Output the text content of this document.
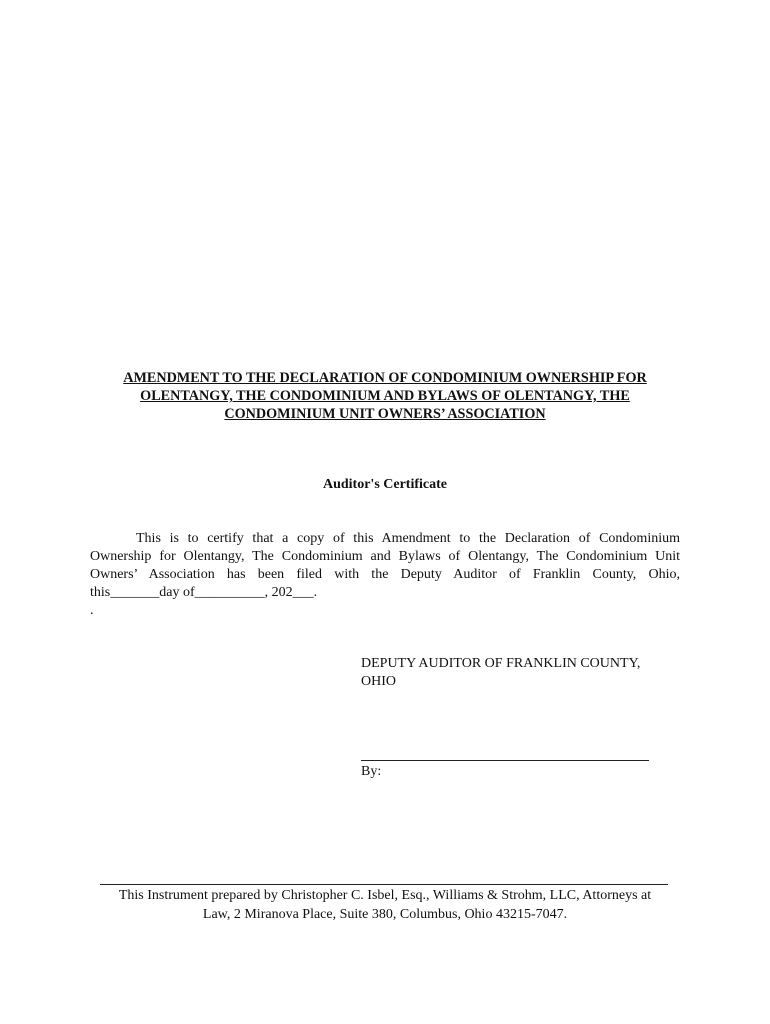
AMENDMENT TO THE DECLARATION OF CONDOMINIUM OWNERSHIP FOR
OLENTANGY, THE CONDOMINIUM AND BYLAWS OF OLENTANGY, THE
CONDOMINIUM UNIT OWNERS’ ASSOCIATION
Auditor's Certificate

This is to certify that a copy of this Amendment to the Declaration of Condominium
Ownership for Olentangy, The Condominium and Bylaws of Olentangy, The Condominium Unit
Owners’ Association has been filed with the Deputy Auditor of Franklin County, Ohio,
this_______day of__________, 202___.

.

DEPUTY AUDITOR OF FRANKLIN COUNTY,
OHIO

By:

This Instrument prepared by Christopher C. Isbel, Esq., Williams & Strohm, LLC, Attorneys at
Law, 2 Miranova Place, Suite 380, Columbus, Ohio 43215-7047.
